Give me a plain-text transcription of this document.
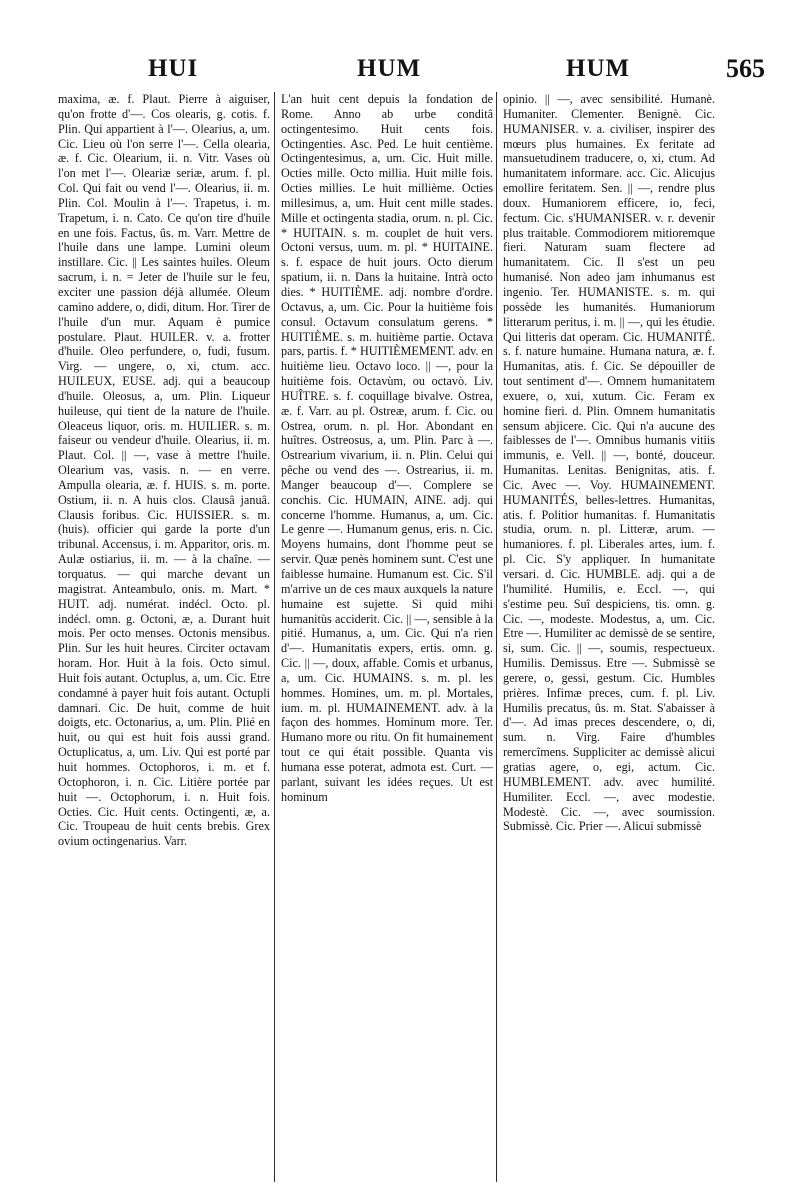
HUI	HUM	HUM	565

maxima, æ. f. Plaut. Pierre à aiguiser, qu'on frotte d'—. Cos olearis, g. cotis. f. Plin. Qui appartient à l'—. Olearius, a, um. Cic. Lieu où l'on serre l'—. Cella olearia, æ. f. Cic. Olearium, ii. n. Vitr. Vases où l'on met l'—. Oleariæ seriæ, arum. f. pl. Col. Qui fait ou vend l'—. Olearius, ii. m. Plin. Col. Moulin à l'—. Trapetus, i. m. Trapetum, i. n. Cato. Ce qu'on tire d'huile en une fois. Factus, ûs. m. Varr. Mettre de l'huile dans une lampe. Lumini oleum instillare. Cic. || Les saintes huiles. Oleum sacrum, i. n. = Jeter de l'huile sur le feu, exciter une passion déjà allumée. Oleum camino addere, o, didi, ditum. Hor. Tirer de l'huile d'un mur. Aquam è pumice postulare. Plaut. HUILER. v. a. frotter d'huile. Oleo perfundere, o, fudi, fusum. Virg. — ungere, o, xi, ctum. acc. HUILEUX, EUSE. adj. qui a beaucoup d'huile. Oleosus, a, um. Plin. Liqueur huileuse, qui tient de la nature de l'huile. Oleaceus liquor, oris. m. HUILIER. s. m. faiseur ou vendeur d'huile. Olearius, ii. m. Plaut. Col. || —, vase à mettre l'huile. Olearium vas, vasis. n. — en verre. Ampulla olearia, æ. f. HUIS. s. m. porte. Ostium, ii. n. A huis clos. Clausâ januâ. Clausis foribus. Cic. HUISSIER. s. m. (huis). officier qui garde la porte d'un tribunal. Accensus, i. m. Apparitor, oris. m. Aulæ ostiarius, ii. m. — à la chaîne. — torquatus. — qui marche devant un magistrat. Anteambulo, onis. m. Mart. * HUIT. adj. numérat. indécl. Octo. pl. indécl. omn. g. Octoni, æ, a. Durant huit mois. Per octo menses. Octonis mensibus. Plin. Sur les huit heures. Circiter octavam horam. Hor. Huit à la fois. Octo simul. Huit fois autant. Octuplus, a, um. Cic. Etre condamné à payer huit fois autant. Octupli damnari. Cic. De huit, comme de huit doigts, etc. Octonarius, a, um. Plin. Plié en huit, ou qui est huit fois aussi grand. Octuplicatus, a, um. Liv. Qui est porté par huit hommes. Octophoros, i. m. et f. Octophoron, i. n. Cic. Litière portée par huit —. Octophorum, i. n. Huit fois. Octies. Cic. Huit cents. Octingenti, æ, a. Cic. Troupeau de huit cents brebis. Grex ovium octingenarius. Varr.

L'an huit cent depuis la fondation de Rome. Anno ab urbe conditâ octingentesimo. Huit cents fois. Octingenties. Asc. Ped. Le huit centième. Octingentesimus, a, um. Cic. Huit mille. Octies mille. Octo millia. Huit mille fois. Octies millies. Le huit millième. Octies millesimus, a, um. Huit cent mille stades. Mille et octingenta stadia, orum. n. pl. Cic. * HUITAIN. s. m. couplet de huit vers. Octoni versus, uum. m. pl. * HUITAINE. s. f. espace de huit jours. Octo dierum spatium, ii. n. Dans la huitaine. Intrà octo dies. * HUITIÈME. adj. nombre d'ordre. Octavus, a, um. Cic. Pour la huitième fois consul. Octavum consulatum gerens. * HUITIÈME. s. m. huitième partie. Octava pars, partis. f. * HUITIÈMEMENT. adv. en huitième lieu. Octavo loco. || —, pour la huitième fois. Octavùm, ou octavò. Liv. HUÎTRE. s. f. coquillage bivalve. Ostrea, æ. f. Varr. au pl. Ostreæ, arum. f. Cic. ou Ostrea, orum. n. pl. Hor. Abondant en huîtres. Ostreosus, a, um. Plin. Parc à —. Ostrearium vivarium, ii. n. Plin. Celui qui pêche ou vend des —. Ostrearius, ii. m. Manger beaucoup d'—. Complere se conchis. Cic. HUMAIN, AINE. adj. qui concerne l'homme. Humanus, a, um. Cic. Le genre —. Humanum genus, eris. n. Cic. Moyens humains, dont l'homme peut se servir. Quæ penès hominem sunt. C'est une faiblesse humaine. Humanum est. Cic. S'il m'arrive un de ces maux auxquels la nature humaine est sujette. Si quid mihi humanitùs acciderit. Cic. || —, sensible à la pitié. Humanus, a, um. Cic. Qui n'a rien d'—. Humanitatis expers, ertis. omn. g. Cic. || —, doux, affable. Comis et urbanus, a, um. Cic. HUMAINS. s. m. pl. les hommes. Homines, um. m. pl. Mortales, ium. m. pl. HUMAINEMENT. adv. à la façon des hommes. Hominum more. Ter. Humano more ou ritu. On fit humainement tout ce qui était possible. Quanta vis humana esse poterat, admota est. Curt. — parlant, suivant les idées reçues. Ut est hominum

opinio. || —, avec sensibilité. Humanè. Humaniter. Clementer. Benignè. Cic. HUMANISER. v. a. civiliser, inspirer des mœurs plus humaines. Ex feritate ad mansuetudinem traducere, o, xi, ctum. Ad humanitatem informare. acc. Cic. Alicujus emollire feritatem. Sen. || —, rendre plus doux. Humaniorem efficere, io, feci, fectum. Cic. s'HUMANISER. v. r. devenir plus traitable. Commodiorem mitioremque fieri. Naturam suam flectere ad humanitatem. Cic. Il s'est un peu humanisé. Non adeo jam inhumanus est ingenio. Ter. HUMANISTE. s. m. qui possède les humanités. Humaniorum litterarum peritus, i. m. || —, qui les étudie. Qui litteris dat operam. Cic. HUMANITÉ. s. f. nature humaine. Humana natura, æ. f. Humanitas, atis. f. Cic. Se dépouiller de tout sentiment d'—. Omnem humanitatem exuere, o, xui, xutum. Cic. Feram ex homine fieri. d. Plin. Omnem humanitatis sensum abjicere. Cic. Qui n'a aucune des faiblesses de l'—. Omnibus humanis vitiis immunis, e. Vell. || —, bonté, douceur. Humanitas. Lenitas. Benignitas, atis. f. Cic. Avec —. Voy. HUMAINEMENT. HUMANITÉS, belles-lettres. Humanitas, atis. f. Politior humanitas. f. Humanitatis studia, orum. n. pl. Litteræ, arum. — humaniores. f. pl. Liberales artes, ium. f. pl. Cic. S'y appliquer. In humanitate versari. d. Cic. HUMBLE. adj. qui a de l'humilité. Humilis, e. Eccl. —, qui s'estime peu. Suî despiciens, tis. omn. g. Cic. —, modeste. Modestus, a, um. Cic. Etre —. Humiliter ac demissè de se sentire, si, sum. Cic. || —, soumis, respectueux. Humilis. Demissus. Etre —. Submissè se gerere, o, gessi, gestum. Cic. Humbles prières. Infimæ preces, cum. f. pl. Liv. Humilis precatus, ûs. m. Stat. S'abaisser à d'—. Ad imas preces descendere, o, di, sum. n. Virg. Faire d'humbles remercîmens. Suppliciter ac demissè alicui gratias agere, o, egi, actum. Cic. HUMBLEMENT. adv. avec humilité. Humiliter. Eccl. —, avec modestie. Modestè. Cic. —, avec soumission. Submissè. Cic. Prier —. Alicui submissè
